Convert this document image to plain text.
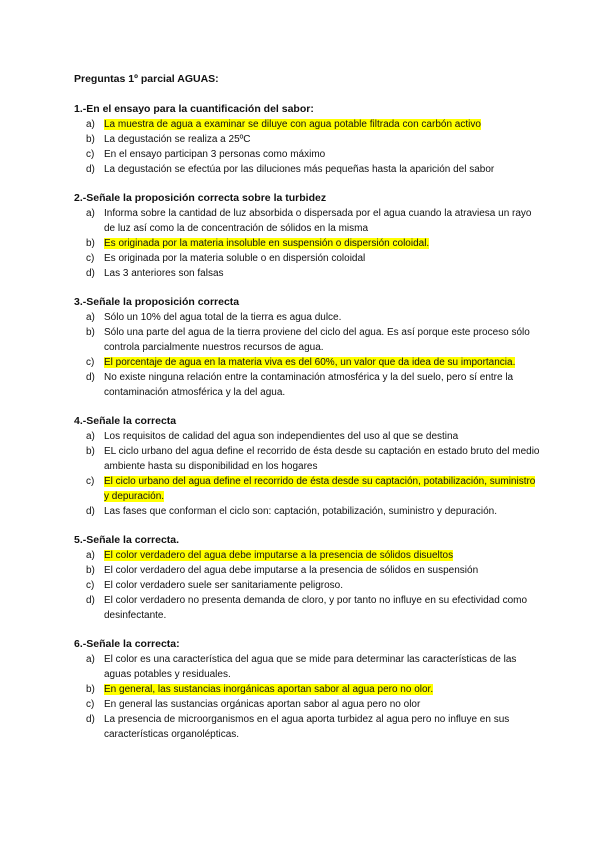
Preguntas 1º parcial AGUAS:
1.-En el ensayo para la cuantificación del sabor:
a) La muestra de agua a examinar se diluye con agua potable filtrada con carbón activo
b) La degustación se realiza a 25ºC
c) En el ensayo participan 3 personas como máximo
d) La degustación se efectúa por las diluciones más pequeñas hasta la aparición del sabor
2.-Señale la proposición correcta sobre la turbidez
a) Informa sobre la cantidad de luz absorbida o dispersada por el agua cuando la atraviesa un rayo de luz así como la de concentración de sólidos en la misma
b) Es originada por la materia insoluble en suspensión o dispersión coloidal.
c) Es originada por la materia soluble o en dispersión coloidal
d) Las 3 anteriores son falsas
3.-Señale la proposición correcta
a) Sólo un 10% del agua total de la tierra es agua dulce.
b) Sólo una parte del agua de la tierra proviene del ciclo del agua. Es así porque este proceso sólo controla parcialmente nuestros recursos de agua.
c) El porcentaje de agua en la materia viva es del 60%, un valor que da idea de su importancia.
d) No existe ninguna relación entre la contaminación atmosférica y la del suelo, pero sí entre la contaminación atmosférica y la del agua.
4.-Señale la correcta
a) Los requisitos de calidad del agua son independientes del uso al que se destina
b) EL ciclo urbano del agua define el recorrido de ésta desde su captación en estado bruto del medio ambiente hasta su disponibilidad en los hogares
c) El ciclo urbano del agua define el recorrido de ésta desde su captación, potabilización, suministro y depuración.
d) Las fases que conforman el ciclo son: captación, potabilización, suministro y depuración.
5.-Señale la correcta.
a) El color verdadero del agua debe imputarse a la presencia de sólidos disueltos
b) El color verdadero del agua debe imputarse a la presencia de sólidos en suspensión
c) El color verdadero suele ser sanitariamente peligroso.
d) El color verdadero no presenta demanda de cloro, y por tanto no influye en su efectividad como desinfectante.
6.-Señale la correcta:
a) El color es una característica del agua que se mide para determinar las características de las aguas potables y residuales.
b) En general, las sustancias inorgánicas aportan sabor al agua pero no olor.
c) En general las sustancias orgánicas aportan sabor al agua pero no olor
d) La presencia de microorganismos en el agua aporta turbidez al agua pero no influye en sus características organolépticas.
